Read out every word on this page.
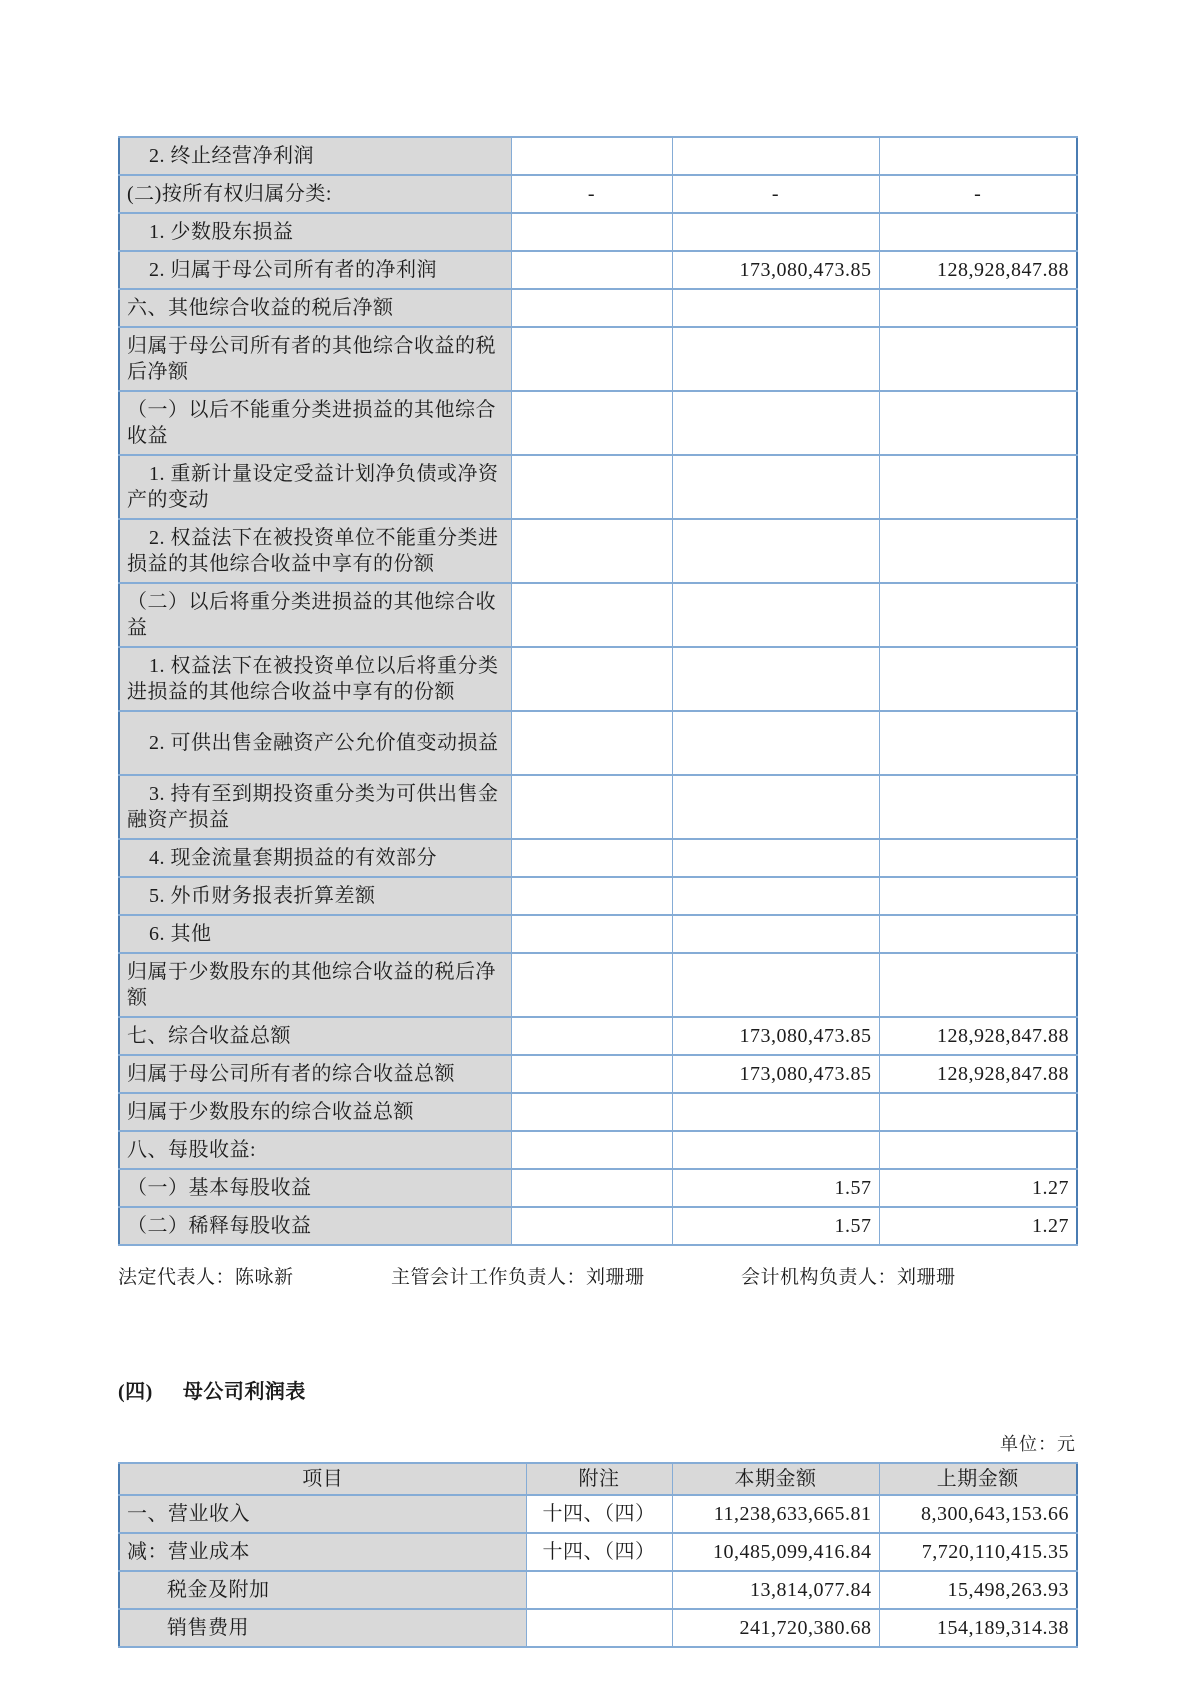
2. 终止经营净利润			
(二)按所有权归属分类:	-	-	-
1. 少数股东损益			
2. 归属于母公司所有者的净利润		173,080,473.85	128,928,847.88
六、其他综合收益的税后净额			
归属于母公司所有者的其他综合收益的税后净额			
（一）以后不能重分类进损益的其他综合收益			
1. 重新计量设定受益计划净负债或净资产的变动			
2. 权益法下在被投资单位不能重分类进损益的其他综合收益中享有的份额			
（二）以后将重分类进损益的其他综合收益			
1. 权益法下在被投资单位以后将重分类进损益的其他综合收益中享有的份额			
2. 可供出售金融资产公允价值变动损益			
3. 持有至到期投资重分类为可供出售金融资产损益			
4. 现金流量套期损益的有效部分			
5. 外币财务报表折算差额			
6. 其他			
归属于少数股东的其他综合收益的税后净额			
七、综合收益总额		173,080,473.85	128,928,847.88
归属于母公司所有者的综合收益总额		173,080,473.85	128,928,847.88
归属于少数股东的综合收益总额			
八、每股收益:			
（一）基本每股收益		1.57	1.27
（二）稀释每股收益		1.57	1.27
法定代表人：陈咏新	主管会计工作负责人：刘珊珊	会计机构负责人：刘珊珊
(四) 母公司利润表
单位：元
项目	附注	本期金额	上期金额
一、营业收入	十四、（四）	11,238,633,665.81	8,300,643,153.66
减：营业成本	十四、（四）	10,485,099,416.84	7,720,110,415.35
税金及附加		13,814,077.84	15,498,263.93
销售费用		241,720,380.68	154,189,314.38
